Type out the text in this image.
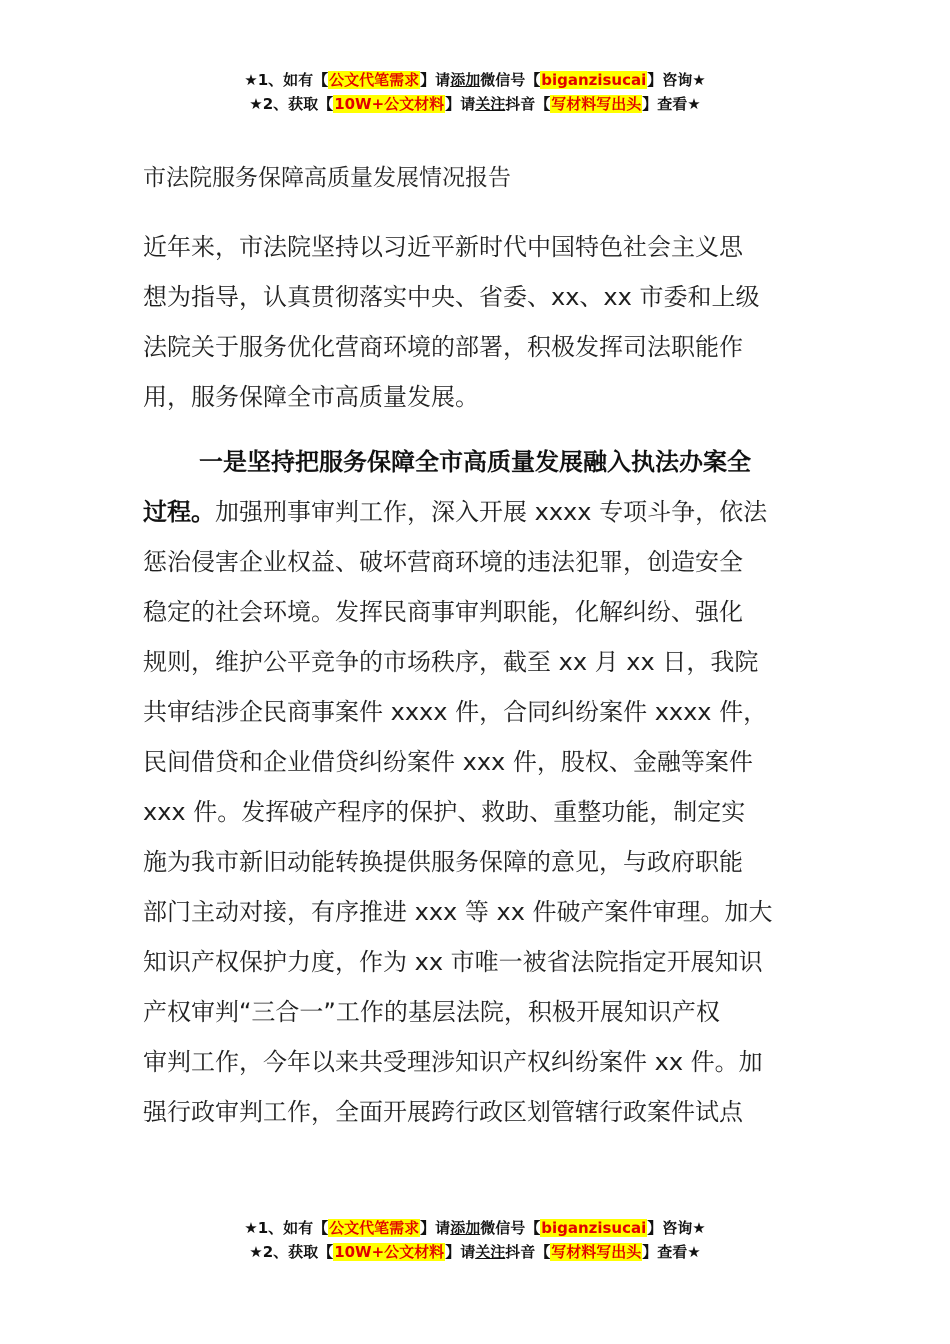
★1、如有【公文代笔需求】请添加微信号【biganzisucai】咨询★
★2、获取【10W+公文材料】请关注抖音【写材料写出头】查看★
市法院服务保障高质量发展情况报告
近年来，市法院坚持以习近平新时代中国特色社会主义思
想为指导，认真贯彻落实中央、省委、xx、xx 市委和上级
法院关于服务优化营商环境的部署，积极发挥司法职能作
用，服务保障全市高质量发展。
一是坚持把服务保障全市高质量发展融入执法办案全
过程。加强刑事审判工作，深入开展 xxxx 专项斗争，依法
惩治侵害企业权益、破坏营商环境的违法犯罪，创造安全
稳定的社会环境。发挥民商事审判职能，化解纠纷、强化
规则，维护公平竞争的市场秩序，截至 xx 月 xx 日，我院
共审结涉企民商事案件 xxxx 件，合同纠纷案件 xxxx 件，
民间借贷和企业借贷纠纷案件 xxx 件，股权、金融等案件
xxx 件。发挥破产程序的保护、救助、重整功能，制定实
施为我市新旧动能转换提供服务保障的意见，与政府职能
部门主动对接，有序推进 xxx 等 xx 件破产案件审理。加大
知识产权保护力度，作为 xx 市唯一被省法院指定开展知识
产权审判“三合一”工作的基层法院，积极开展知识产权
审判工作，今年以来共受理涉知识产权纠纷案件 xx 件。加
强行政审判工作，全面开展跨行政区划管辖行政案件试点
★1、如有【公文代笔需求】请添加微信号【biganzisucai】咨询★
★2、获取【10W+公文材料】请关注抖音【写材料写出头】查看★
